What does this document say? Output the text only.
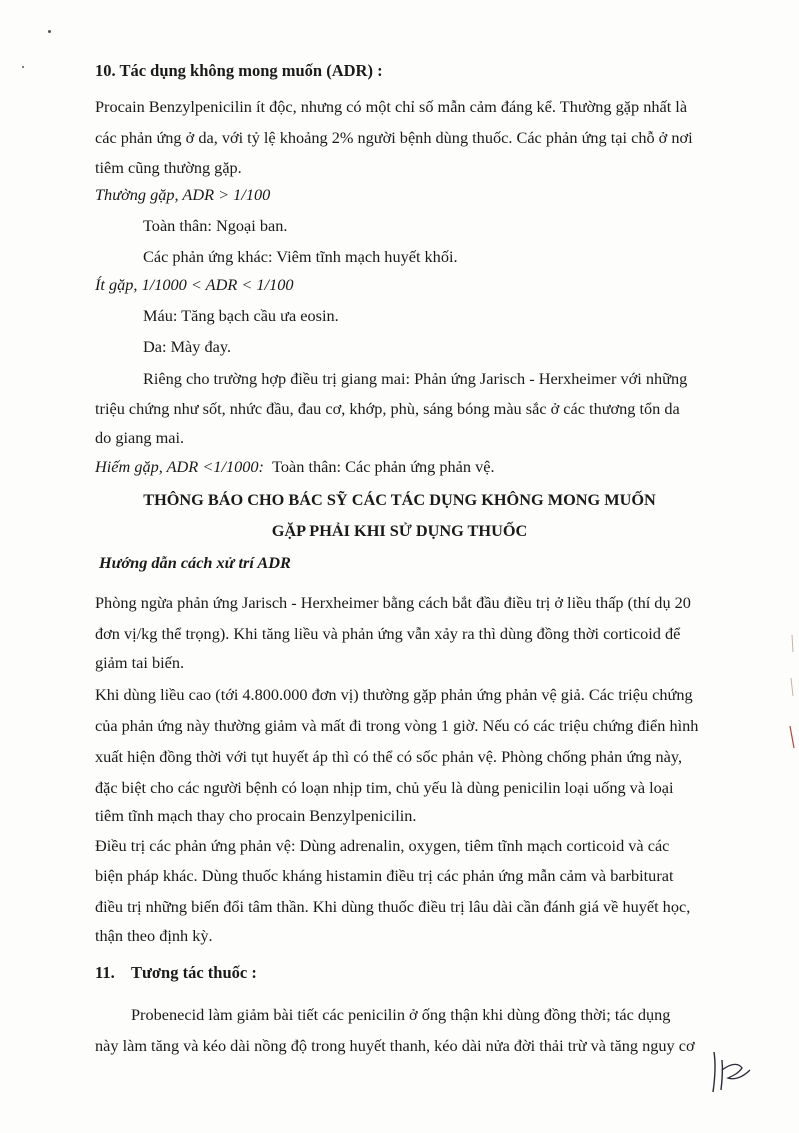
10. Tác dụng không mong muốn (ADR) :
Procain Benzylpenicilin ít độc, nhưng có một chỉ số mẫn cảm đáng kể. Thường gặp nhất là
các phản ứng ở da, với tỷ lệ khoảng 2% người bệnh dùng thuốc. Các phản ứng tại chỗ ở nơi
tiêm cũng thường gặp.
Thường gặp, ADR > 1/100
Toàn thân: Ngoại ban.
Các phản ứng khác: Viêm tĩnh mạch huyết khối.
Ít gặp, 1/1000 < ADR < 1/100
Máu: Tăng bạch cầu ưa eosin.
Da: Mày đay.
Riêng cho trường hợp điều trị giang mai: Phản ứng Jarisch - Herxheimer với những
triệu chứng như sốt, nhức đầu, đau cơ, khớp, phù, sáng bóng màu sắc ở các thương tổn da
do giang mai.
Hiếm gặp, ADR <1/1000: Toàn thân: Các phản ứng phản vệ.
THÔNG BÁO CHO BÁC SỸ CÁC TÁC DỤNG KHÔNG MONG MUỐN
GẶP PHẢI KHI SỬ DỤNG THUỐC
Hướng dẫn cách xử trí ADR
Phòng ngừa phản ứng Jarisch - Herxheimer bằng cách bắt đầu điều trị ở liều thấp (thí dụ 20
đơn vị/kg thể trọng). Khi tăng liều và phản ứng vẫn xảy ra thì dùng đồng thời corticoid để
giảm tai biến.
Khi dùng liều cao (tới 4.800.000 đơn vị) thường gặp phản ứng phản vệ giả. Các triệu chứng
của phản ứng này thường giảm và mất đi trong vòng 1 giờ. Nếu có các triệu chứng điển hình
xuất hiện đồng thời với tụt huyết áp thì có thể có sốc phản vệ. Phòng chống phản ứng này,
đặc biệt cho các người bệnh có loạn nhịp tim, chủ yếu là dùng penicilin loại uống và loại
tiêm tĩnh mạch thay cho procain Benzylpenicilin.
Điều trị các phản ứng phản vệ: Dùng adrenalin, oxygen, tiêm tĩnh mạch corticoid và các
biện pháp khác. Dùng thuốc kháng histamin điều trị các phản ứng mẫn cảm và barbiturat
điều trị những biến đổi tâm thần. Khi dùng thuốc điều trị lâu dài cần đánh giá về huyết học,
thận theo định kỳ.
11. Tương tác thuốc :
Probenecid làm giảm bài tiết các penicilin ở ống thận khi dùng đồng thời; tác dụng
này làm tăng và kéo dài nồng độ trong huyết thanh, kéo dài nửa đời thải trừ và tăng nguy cơ
